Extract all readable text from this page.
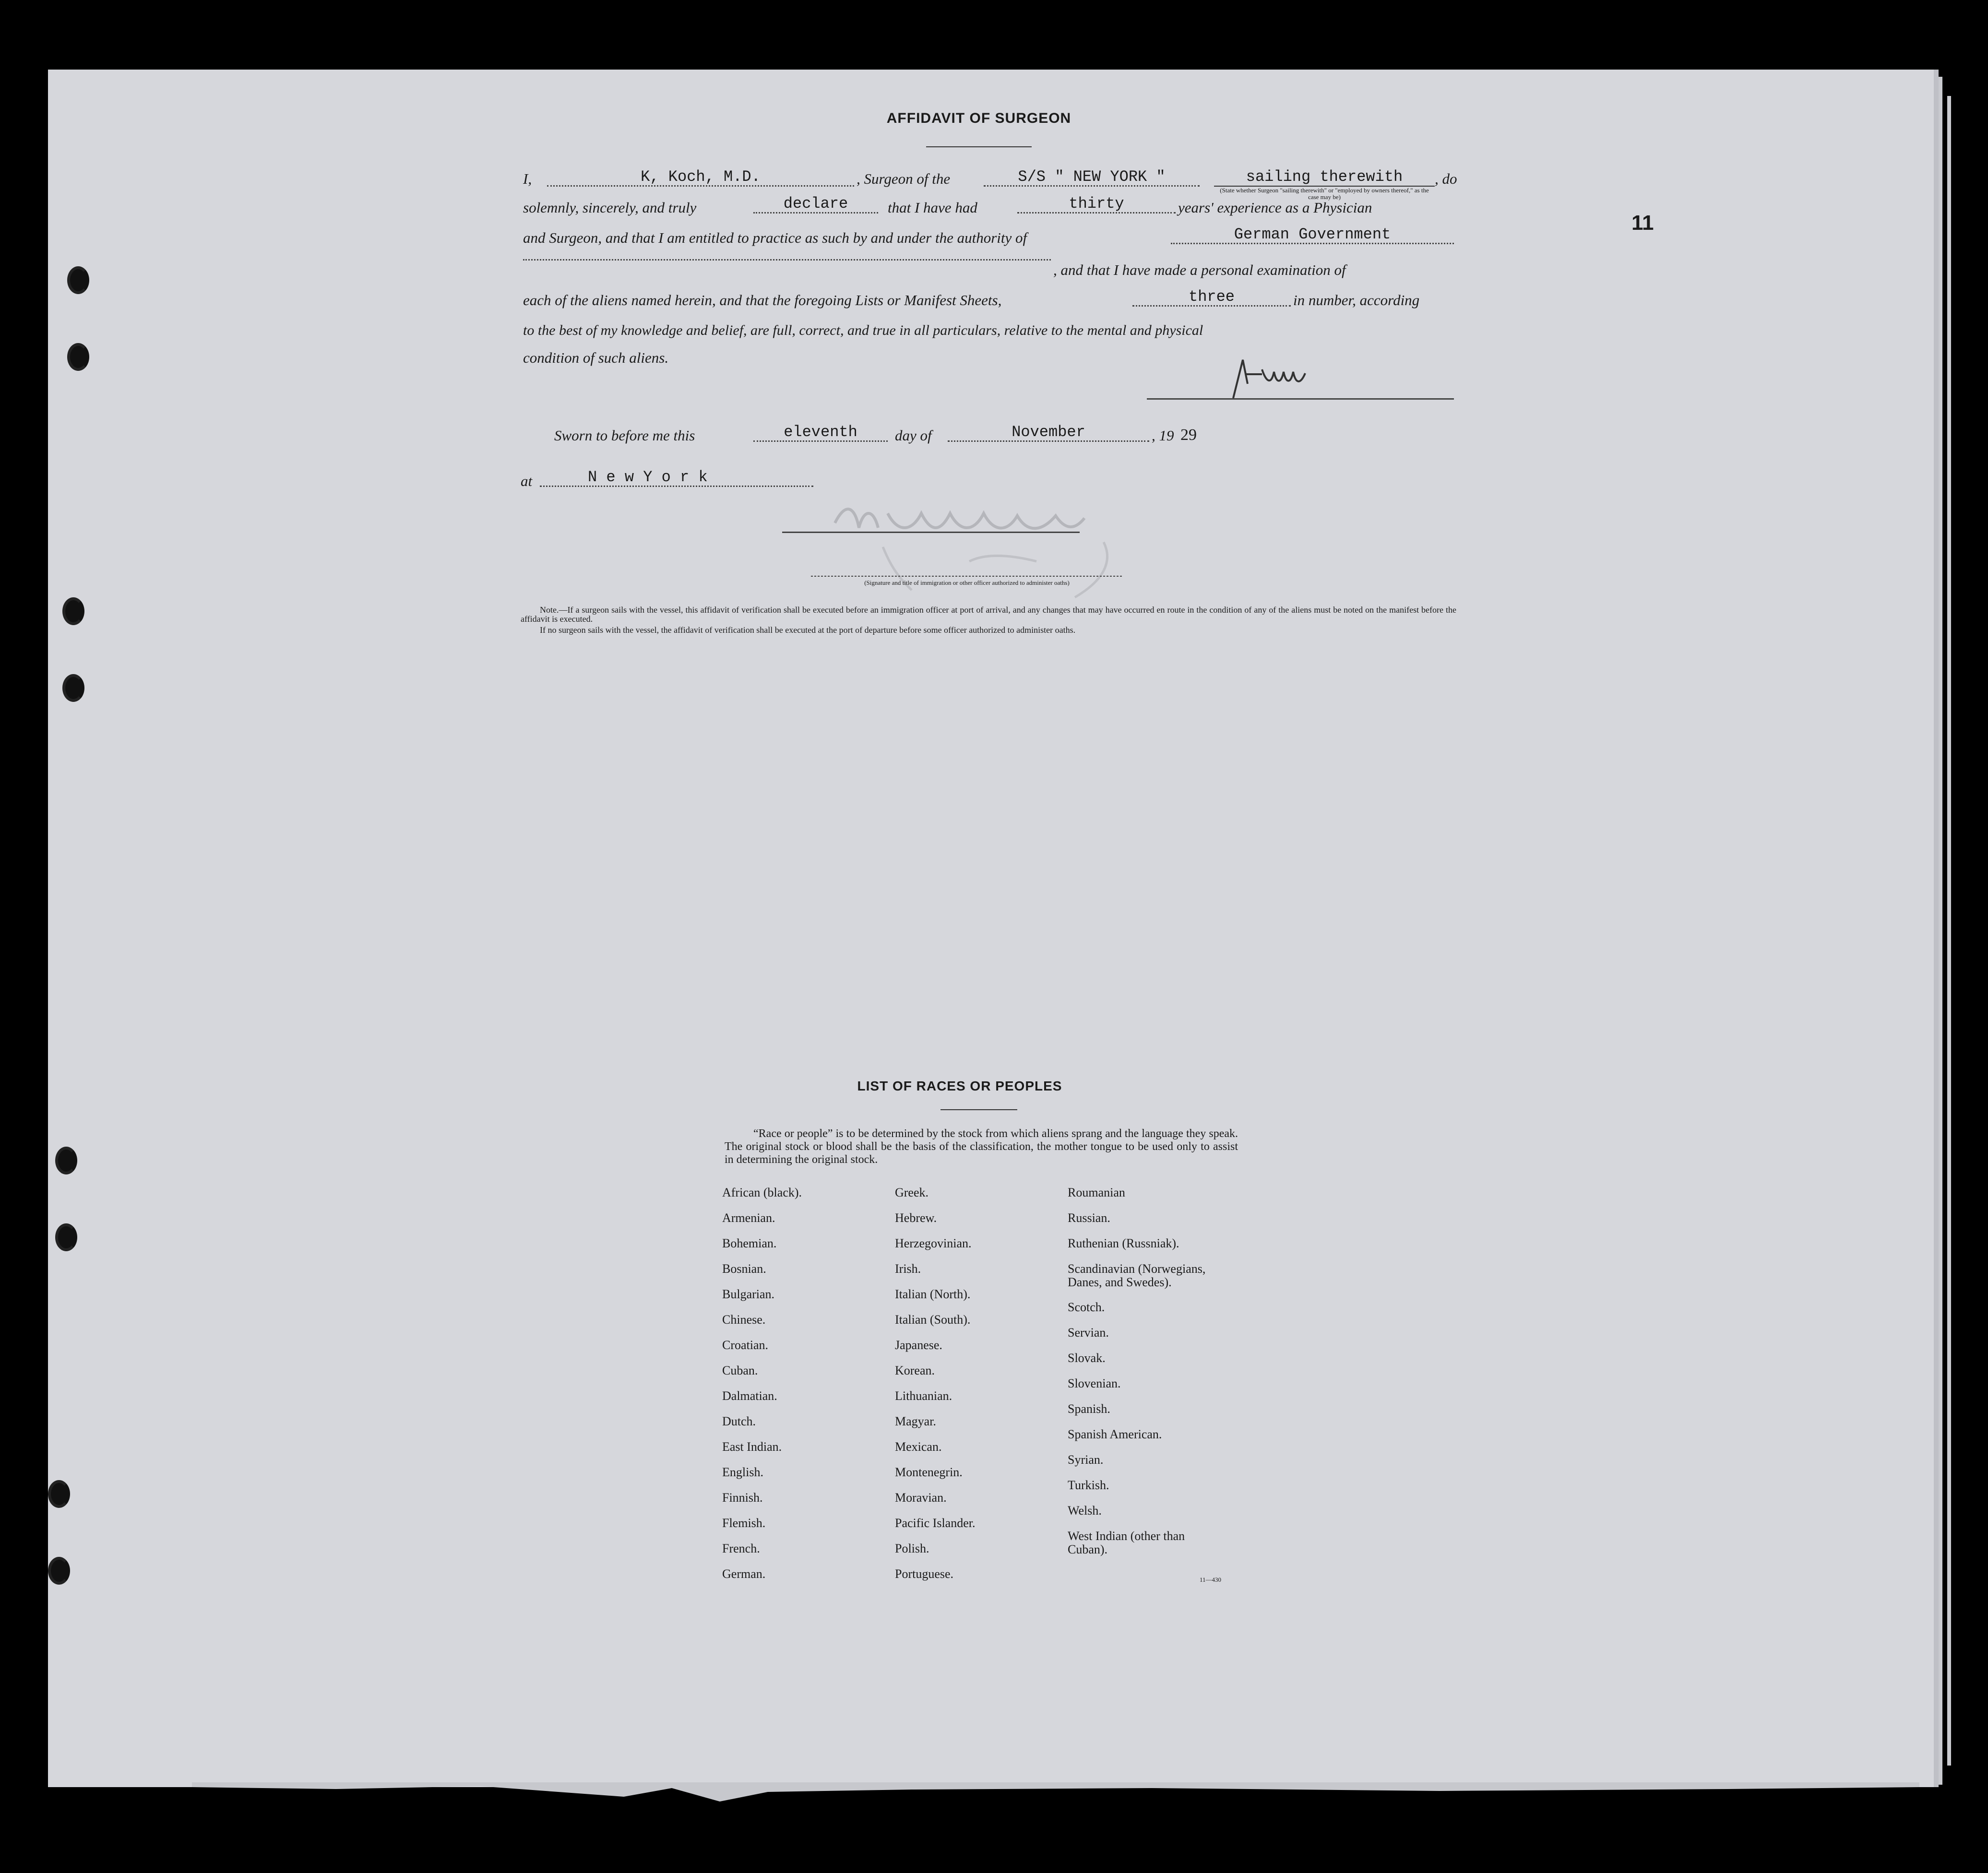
11
AFFIDAVIT OF SURGEON
I,	K, Koch, M.D.	, Surgeon of the	S/S " NEW YORK "	sailing therewith
(State whether Surgeon "sailing therewith" or "employed by owners thereof," as the case may be)
, do
solemnly, sincerely, and truly	declare	that I have had	thirty	years' experience as a Physician
and Surgeon, and that I am entitled to practice as such by and under the authority of	German Government
, and that I have made a personal examination of
each of the aliens named herein, and that the foregoing Lists or Manifest Sheets,	three	in number, according
to the best of my knowledge and belief, are full, correct, and true in all particulars, relative to the mental and physical
condition of such aliens.
Sworn to before me this	eleventh	day of	November	, 19 29
at	N e w Y o r k
(Signature and title of immigration or other officer authorized to administer oaths)
Note.—If a surgeon sails with the vessel, this affidavit of verification shall be executed before an immigration officer at port of arrival, and any changes that may have occurred en route in the condition of any of the aliens must be noted on the manifest before the affidavit is executed.
If no surgeon sails with the vessel, the affidavit of verification shall be executed at the port of departure before some officer authorized to administer oaths.
LIST OF RACES OR PEOPLES
“Race or people” is to be determined by the stock from which aliens sprang and the language they speak. The original stock or blood shall be the basis of the classification, the mother tongue to be used only to assist in determining the original stock.
African (black).
Armenian.
Bohemian.
Bosnian.
Bulgarian.
Chinese.
Croatian.
Cuban.
Dalmatian.
Dutch.
East Indian.
English.
Finnish.
Flemish.
French.
German.
Greek.
Hebrew.
Herzegovinian.
Irish.
Italian (North).
Italian (South).
Japanese.
Korean.
Lithuanian.
Magyar.
Mexican.
Montenegrin.
Moravian.
Pacific Islander.
Polish.
Portuguese.
Roumanian
Russian.
Ruthenian (Russniak).
Scandinavian (Norwegians, Danes, and Swedes).
Scotch.
Servian.
Slovak.
Slovenian.
Spanish.
Spanish American.
Syrian.
Turkish.
Welsh.
West Indian (other than Cuban).
11—430
